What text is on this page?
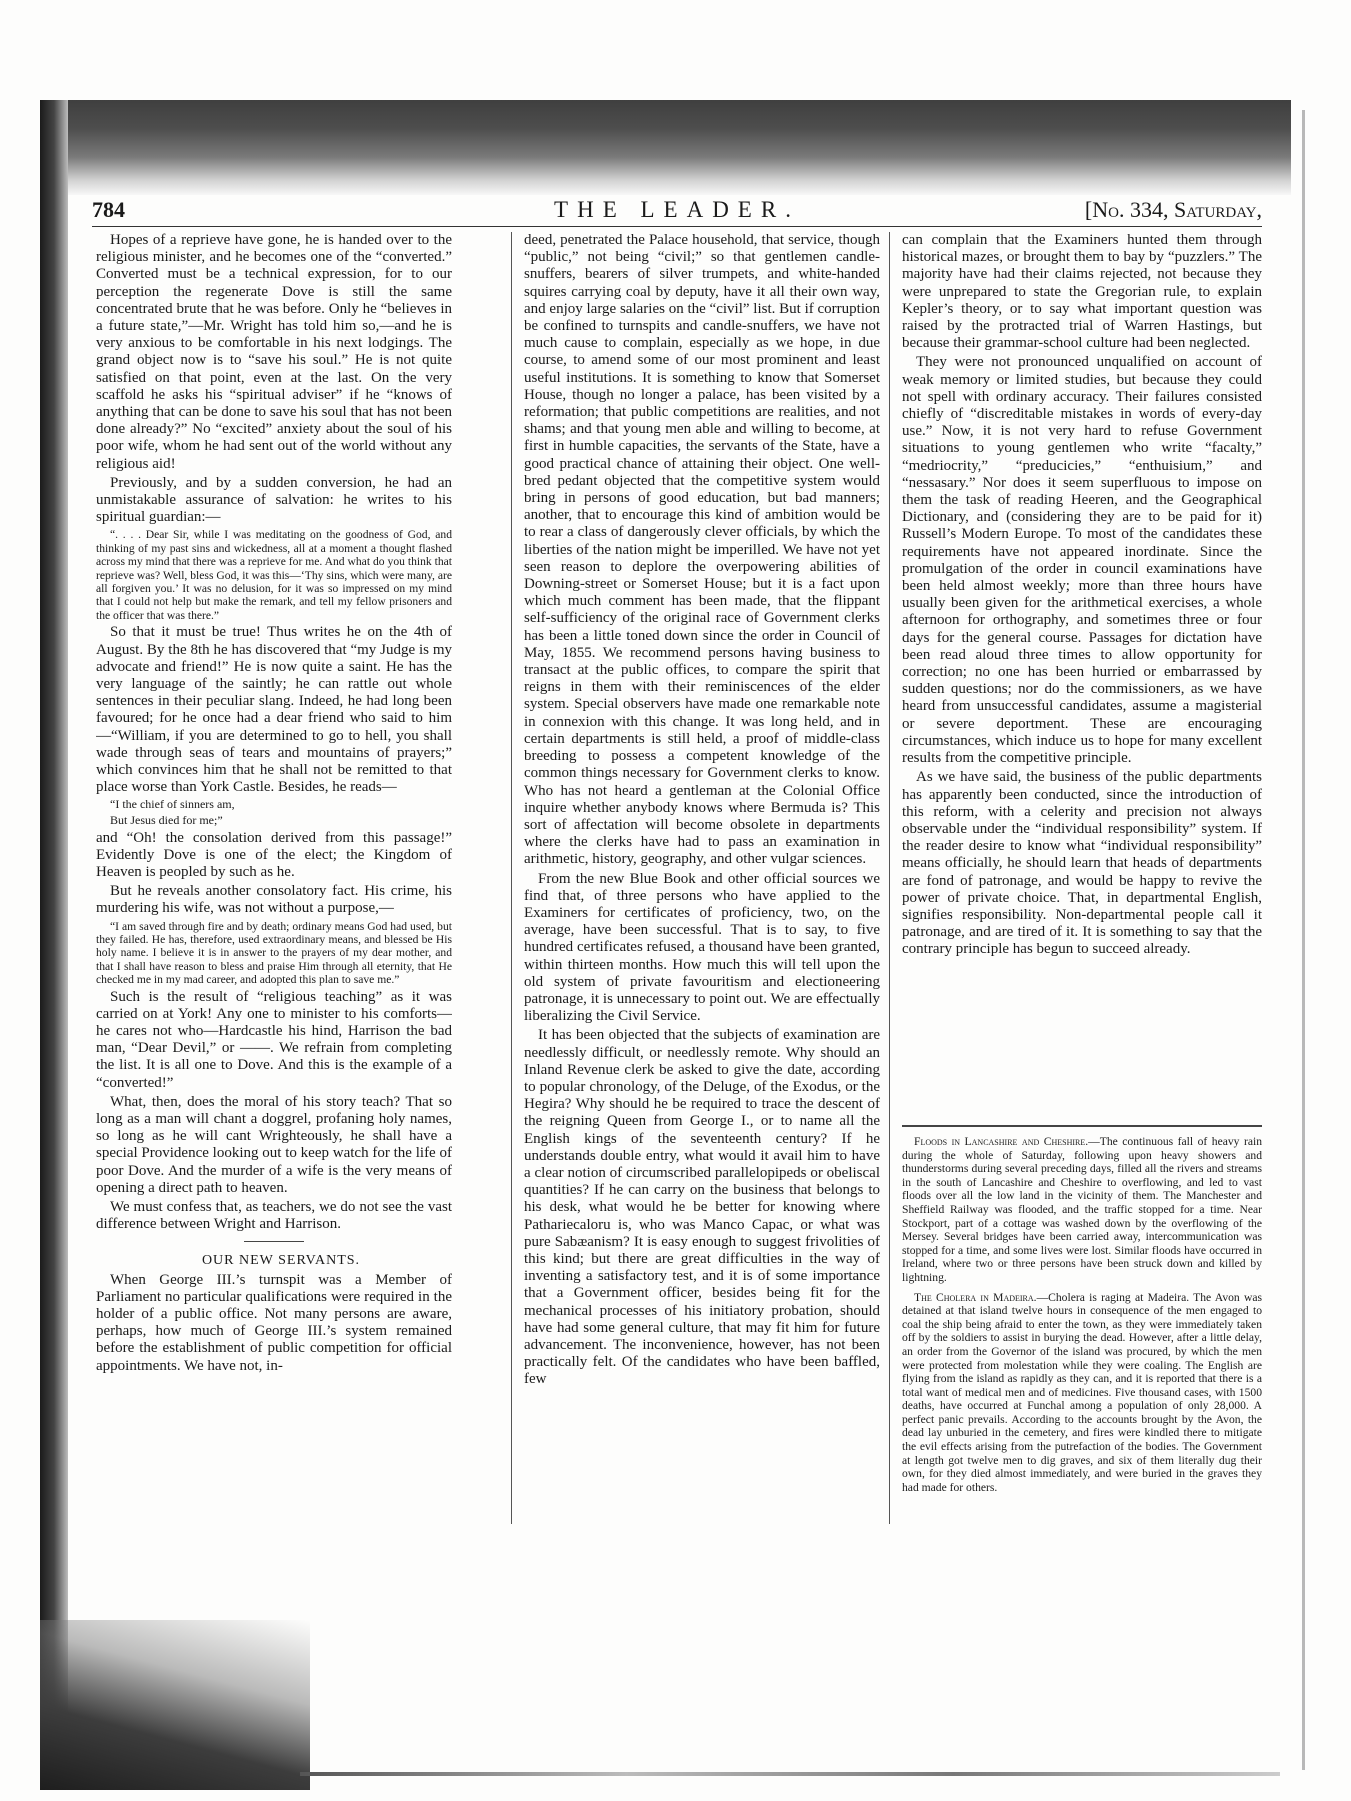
784	THE LEADER.	[No. 334, Saturday,

Hopes of a reprieve have gone, he is handed over to the religious minister, and he becomes one of the “converted.” Converted must be a technical expression, for to our perception the regenerate Dove is still the same concentrated brute that he was before. Only he “believes in a future state,”—Mr. Wright has told him so,—and he is very anxious to be comfortable in his next lodgings. The grand object now is to “save his soul.” He is not quite satisfied on that point, even at the last. On the very scaffold he asks his “spiritual adviser” if he “knows of anything that can be done to save his soul that has not been done already?” No “excited” anxiety about the soul of his poor wife, whom he had sent out of the world without any religious aid!

Previously, and by a sudden conversion, he had an unmistakable assurance of salvation: he writes to his spiritual guardian:—

“. . . . Dear Sir, while I was meditating on the goodness of God, and thinking of my past sins and wickedness, all at a moment a thought flashed across my mind that there was a reprieve for me. And what do you think that reprieve was? Well, bless God, it was this—‘Thy sins, which were many, are all forgiven you.’ It was no delusion, for it was so impressed on my mind that I could not help but make the remark, and tell my fellow prisoners and the officer that was there.”

So that it must be true! Thus writes he on the 4th of August. By the 8th he has discovered that “my Judge is my advocate and friend!” He is now quite a saint. He has the very language of the saintly; he can rattle out whole sentences in their peculiar slang. Indeed, he had long been favoured; for he once had a dear friend who said to him—“William, if you are determined to go to hell, you shall wade through seas of tears and mountains of prayers;” which convinces him that he shall not be remitted to that place worse than York Castle. Besides, he reads—

“I the chief of sinners am,

But Jesus died for me;”

and “Oh! the consolation derived from this passage!” Evidently Dove is one of the elect; the Kingdom of Heaven is peopled by such as he.

But he reveals another consolatory fact. His crime, his murdering his wife, was not without a purpose,—

“I am saved through fire and by death; ordinary means God had used, but they failed. He has, therefore, used extraordinary means, and blessed be His holy name. I believe it is in answer to the prayers of my dear mother, and that I shall have reason to bless and praise Him through all eternity, that He checked me in my mad career, and adopted this plan to save me.”

Such is the result of “religious teaching” as it was carried on at York! Any one to minister to his comforts—he cares not who—Hardcastle his hind, Harrison the bad man, “Dear Devil,” or ——. We refrain from completing the list. It is all one to Dove. And this is the example of a “converted!”

What, then, does the moral of his story teach? That so long as a man will chant a doggrel, profaning holy names, so long as he will cant Wrighteously, he shall have a special Providence looking out to keep watch for the life of poor Dove. And the murder of a wife is the very means of opening a direct path to heaven.

We must confess that, as teachers, we do not see the vast difference between Wright and Harrison.

OUR NEW SERVANTS.

When George III.’s turnspit was a Member of Parliament no particular qualifications were required in the holder of a public office. Not many persons are aware, perhaps, how much of George III.’s system remained before the establishment of public competition for official appointments. We have not, in-

deed, penetrated the Palace household, that service, though “public,” not being “civil;” so that gentlemen candle-snuffers, bearers of silver trumpets, and white-handed squires carrying coal by deputy, have it all their own way, and enjoy large salaries on the “civil” list. But if corruption be confined to turnspits and candle-snuffers, we have not much cause to complain, especially as we hope, in due course, to amend some of our most prominent and least useful institutions. It is something to know that Somerset House, though no longer a palace, has been visited by a reformation; that public competitions are realities, and not shams; and that young men able and willing to become, at first in humble capacities, the servants of the State, have a good practical chance of attaining their object. One well-bred pedant objected that the competitive system would bring in persons of good education, but bad manners; another, that to encourage this kind of ambition would be to rear a class of dangerously clever officials, by which the liberties of the nation might be imperilled. We have not yet seen reason to deplore the overpowering abilities of Downing-street or Somerset House; but it is a fact upon which much comment has been made, that the flippant self-sufficiency of the original race of Government clerks has been a little toned down since the order in Council of May, 1855. We recommend persons having business to transact at the public offices, to compare the spirit that reigns in them with their reminiscences of the elder system. Special observers have made one remarkable note in connexion with this change. It was long held, and in certain departments is still held, a proof of middle-class breeding to possess a competent knowledge of the common things necessary for Government clerks to know. Who has not heard a gentleman at the Colonial Office inquire whether anybody knows where Bermuda is? This sort of affectation will become obsolete in departments where the clerks have had to pass an examination in arithmetic, history, geography, and other vulgar sciences.

From the new Blue Book and other official sources we find that, of three persons who have applied to the Examiners for certificates of proficiency, two, on the average, have been successful. That is to say, to five hundred certificates refused, a thousand have been granted, within thirteen months. How much this will tell upon the old system of private favouritism and electioneering patronage, it is unnecessary to point out. We are effectually liberalizing the Civil Service.

It has been objected that the subjects of examination are needlessly difficult, or needlessly remote. Why should an Inland Revenue clerk be asked to give the date, according to popular chronology, of the Deluge, of the Exodus, or the Hegira? Why should he be required to trace the descent of the reigning Queen from George I., or to name all the English kings of the seventeenth century? If he understands double entry, what would it avail him to have a clear notion of circumscribed parallelopipeds or obeliscal quantities? If he can carry on the business that belongs to his desk, what would he be better for knowing where Pathariecaloru is, who was Manco Capac, or what was pure Sabæanism? It is easy enough to suggest frivolities of this kind; but there are great difficulties in the way of inventing a satisfactory test, and it is of some importance that a Government officer, besides being fit for the mechanical processes of his initiatory probation, should have had some general culture, that may fit him for future advancement. The inconvenience, however, has not been practically felt. Of the candidates who have been baffled, few

can complain that the Examiners hunted them through historical mazes, or brought them to bay by “puzzlers.” The majority have had their claims rejected, not because they were unprepared to state the Gregorian rule, to explain Kepler’s theory, or to say what important question was raised by the protracted trial of Warren Hastings, but because their grammar-school culture had been neglected.

They were not pronounced unqualified on account of weak memory or limited studies, but because they could not spell with ordinary accuracy. Their failures consisted chiefly of “discreditable mistakes in words of every-day use.” Now, it is not very hard to refuse Government situations to young gentlemen who write “facalty,” “medriocrity,” “preducicies,” “enthuisium,” and “nessasary.” Nor does it seem superfluous to impose on them the task of reading Heeren, and the Geographical Dictionary, and (considering they are to be paid for it) Russell’s Modern Europe. To most of the candidates these requirements have not appeared inordinate. Since the promulgation of the order in council examinations have been held almost weekly; more than three hours have usually been given for the arithmetical exercises, a whole afternoon for orthography, and sometimes three or four days for the general course. Passages for dictation have been read aloud three times to allow opportunity for correction; no one has been hurried or embarrassed by sudden questions; nor do the commissioners, as we have heard from unsuccessful candidates, assume a magisterial or severe deportment. These are encouraging circumstances, which induce us to hope for many excellent results from the competitive principle.

As we have said, the business of the public departments has apparently been conducted, since the introduction of this reform, with a celerity and precision not always observable under the “individual responsibility” system. If the reader desire to know what “individual responsibility” means officially, he should learn that heads of departments are fond of patronage, and would be happy to revive the power of private choice. That, in departmental English, signifies responsibility. Non-departmental people call it patronage, and are tired of it. It is something to say that the contrary principle has begun to succeed already.

Floods in Lancashire and Cheshire.—The continuous fall of heavy rain during the whole of Saturday, following upon heavy showers and thunderstorms during several preceding days, filled all the rivers and streams in the south of Lancashire and Cheshire to overflowing, and led to vast floods over all the low land in the vicinity of them. The Manchester and Sheffield Railway was flooded, and the traffic stopped for a time. Near Stockport, part of a cottage was washed down by the overflowing of the Mersey. Several bridges have been carried away, intercommunication was stopped for a time, and some lives were lost. Similar floods have occurred in Ireland, where two or three persons have been struck down and killed by lightning.

The Cholera in Madeira.—Cholera is raging at Madeira. The Avon was detained at that island twelve hours in consequence of the men engaged to coal the ship being afraid to enter the town, as they were immediately taken off by the soldiers to assist in burying the dead. However, after a little delay, an order from the Governor of the island was procured, by which the men were protected from molestation while they were coaling. The English are flying from the island as rapidly as they can, and it is reported that there is a total want of medical men and of medicines. Five thousand cases, with 1500 deaths, have occurred at Funchal among a population of only 28,000. A perfect panic prevails. According to the accounts brought by the Avon, the dead lay unburied in the cemetery, and fires were kindled there to mitigate the evil effects arising from the putrefaction of the bodies. The Government at length got twelve men to dig graves, and six of them literally dug their own, for they died almost immediately, and were buried in the graves they had made for others.
